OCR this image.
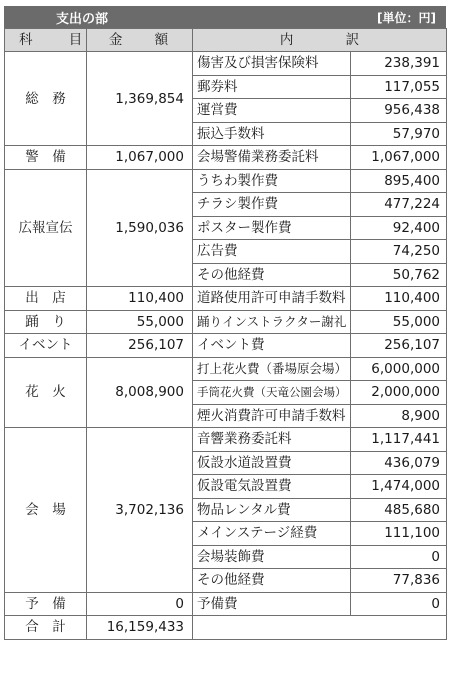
支出の部	[単位：円]
科 目	金 額	内 訳	
総　務	1,369,854	傷害及び損害保険料	238,391
		郵券料	117,055
		運営費	956,438
		振込手数料	57,970
警　備	1,067,000	会場警備業務委託料	1,067,000
広報宣伝	1,590,036	うちわ製作費	895,400
		チラシ製作費	477,224
		ポスター製作費	92,400
		広告費	74,250
		その他経費	50,762
出　店	110,400	道路使用許可申請手数料	110,400
踊　り	55,000	踊りインストラクター謝礼	55,000
イベント	256,107	イベント費	256,107
花　火	8,008,900	打上花火費（番場原会場）	6,000,000
		手筒花火費（天竜公園会場）	2,000,000
		煙火消費許可申請手数料	8,900
会　場	3,702,136	音響業務委託料	1,117,441
		仮設水道設置費	436,079
		仮設電気設置費	1,474,000
		物品レンタル費	485,680
		メインステージ経費	111,100
		会場装飾費	0
		その他経費	77,836
予　備	0	予備費	0
合　計	16,159,433		
